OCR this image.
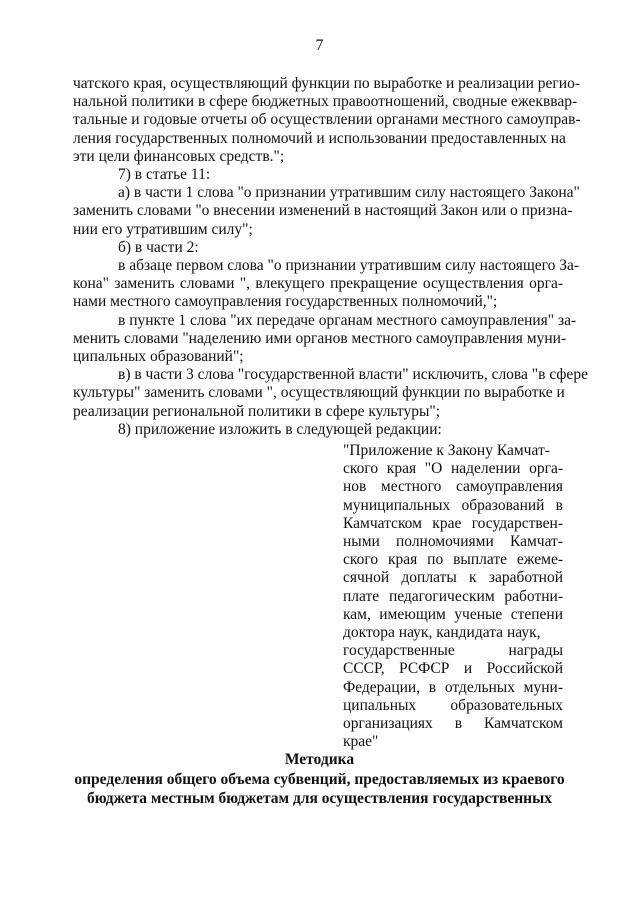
7
чатского края, осуществляющий функции по выработке и реализации регио-
нальной политики в сфере бюджетных правоотношений, сводные ежекввар-
тальные и годовые отчеты об осуществлении органами местного самоуправ-
ления государственных полномочий и использовании предоставленных на
эти цели финансовых средств.";
7) в статье 11:
а) в части 1 слова "о признании утратившим силу настоящего Закона"
заменить словами "о внесении изменений в настоящий Закон или о призна-
нии его утратившим силу";
б) в части 2:
в абзаце первом слова "о признании утратившим силу настоящего За-
кона" заменить словами ", влекущего прекращение осуществления орга-
нами местного самоуправления государственных полномочий,";
в пункте 1 слова "их передаче органам местного самоуправления" за-
менить словами "наделению ими органов местного самоуправления муни-
ципальных образований";
в) в части 3 слова "государственной власти" исключить, слова "в сфере
культуры" заменить словами ", осуществляющий функции по выработке и
реализации региональной политики в сфере культуры";
8) приложение изложить в следующей редакции:
"Приложение к Закону Камчат-
ского края "О наделении орга-
нов местного самоуправления
муниципальных образований в
Камчатском крае государствен-
ными полномочиями Камчат-
ского края по выплате ежеме-
сячной доплаты к заработной
плате педагогическим работни-
кам, имеющим ученые степени
доктора наук, кандидата наук,
государственные награды
СССР, РСФСР и Российской
Федерации, в отдельных муни-
ципальных образовательных
организациях в Камчатском
крае"
Методика
определения общего объема субвенций, предоставляемых из краевого
бюджета местным бюджетам для осуществления государственных
